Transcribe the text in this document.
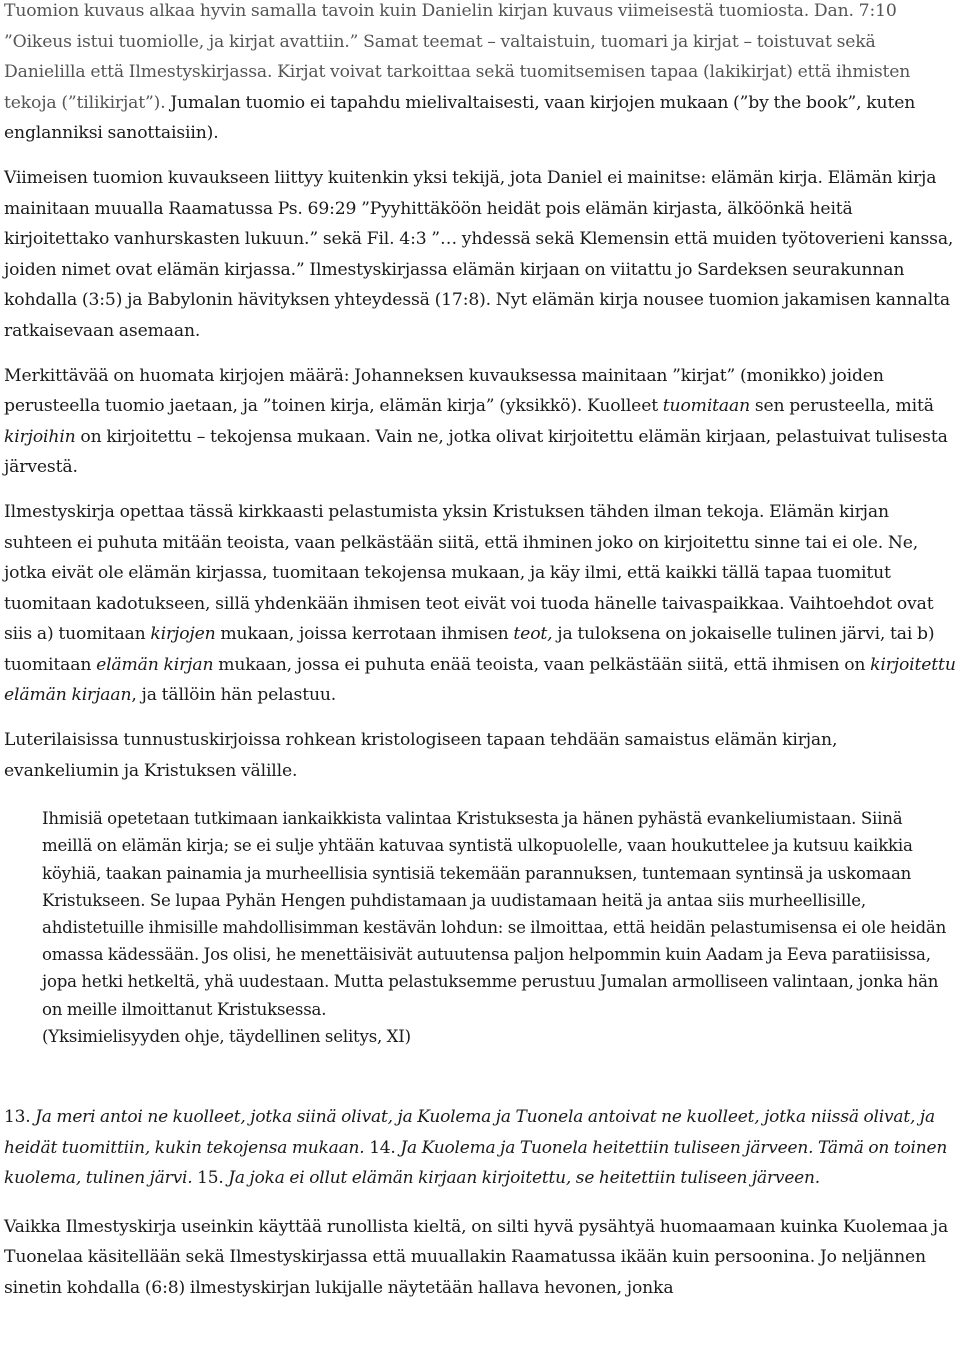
Tuomion kuvaus alkaa hyvin samalla tavoin kuin Danielin kirjan kuvaus viimeisestä tuomiosta. Dan. 7:10 ”Oikeus istui tuomiolle, ja kirjat avattiin.” Samat teemat – valtaistuin, tuomari ja kirjat – toistuvat sekä Danielilla että Ilmestyskirjassa. Kirjat voivat tarkoittaa sekä tuomitsemisen tapaa (lakikirjat) että ihmisten tekoja (”tilikirjat”). Jumalan tuomio ei tapahdu mielivaltaisesti, vaan kirjojen mukaan (”by the book”, kuten englanniksi sanottaisiin).

Viimeisen tuomion kuvaukseen liittyy kuitenkin yksi tekijä, jota Daniel ei mainitse: elämän kirja. Elämän kirja mainitaan muualla Raamatussa Ps. 69:29 ”Pyyhittäköön heidät pois elämän kirjasta, älköönkä heitä kirjoitettako vanhurskasten lukuun.” sekä Fil. 4:3 ”… yhdessä sekä Klemensin että muiden työtoverieni kanssa, joiden nimet ovat elämän kirjassa.” Ilmestyskirjassa elämän kirjaan on viitattu jo Sardeksen seurakunnan kohdalla (3:5) ja Babylonin hävityksen yhteydessä (17:8). Nyt elämän kirja nousee tuomion jakamisen kannalta ratkaisevaan asemaan.

Merkittävää on huomata kirjojen määrä: Johanneksen kuvauksessa mainitaan ”kirjat” (monikko) joiden perusteella tuomio jaetaan, ja ”toinen kirja, elämän kirja” (yksikkö). Kuolleet tuomitaan sen perusteella, mitä kirjoihin on kirjoitettu – tekojensa mukaan. Vain ne, jotka olivat kirjoitettu elämän kirjaan, pelastuivat tulisesta järvestä.

Ilmestyskirja opettaa tässä kirkkaasti pelastumista yksin Kristuksen tähden ilman tekoja. Elämän kirjan suhteen ei puhuta mitään teoista, vaan pelkästään siitä, että ihminen joko on kirjoitettu sinne tai ei ole. Ne, jotka eivät ole elämän kirjassa, tuomitaan tekojensa mukaan, ja käy ilmi, että kaikki tällä tapaa tuomitut tuomitaan kadotukseen, sillä yhdenkään ihmisen teot eivät voi tuoda hänelle taivaspaikkaa. Vaihtoehdot ovat siis a) tuomitaan kirjojen mukaan, joissa kerrotaan ihmisen teot, ja tuloksena on jokaiselle tulinen järvi, tai b) tuomitaan elämän kirjan mukaan, jossa ei puhuta enää teoista, vaan pelkästään siitä, että ihmisen on kirjoitettu elämän kirjaan, ja tällöin hän pelastuu.

Luterilaisissa tunnustuskirjoissa rohkean kristologiseen tapaan tehdään samaistus elämän kirjan, evankeliumin ja Kristuksen välille.

Ihmisiä opetetaan tutkimaan iankaikkista valintaa Kristuksesta ja hänen pyhästä evankeliumistaan. Siinä meillä on elämän kirja; se ei sulje yhtään katuvaa syntistä ulkopuolelle, vaan houkuttelee ja kutsuu kaikkia köyhiä, taakan painamia ja murheellisia syntisiä tekemään parannuksen, tuntemaan syntinsä ja uskomaan Kristukseen. Se lupaa Pyhän Hengen puhdistamaan ja uudistamaan heitä ja antaa siis murheellisille, ahdistetuille ihmisille mahdollisimman kestävän lohdun: se ilmoittaa, että heidän pelastumisensa ei ole heidän omassa kädessään. Jos olisi, he menettäisivät autuutensa paljon helpommin kuin Aadam ja Eeva paratiisissa, jopa hetki hetkeltä, yhä uudestaan. Mutta pelastuksemme perustuu Jumalan armolliseen valintaan, jonka hän on meille ilmoittanut Kristuksessa.
(Yksimielisyyden ohje, täydellinen selitys, XI)

13. Ja meri antoi ne kuolleet, jotka siinä olivat, ja Kuolema ja Tuonela antoivat ne kuolleet, jotka niissä olivat, ja heidät tuomittiin, kukin tekojensa mukaan. 14. Ja Kuolema ja Tuonela heitettiin tuliseen järveen. Tämä on toinen kuolema, tulinen järvi. 15. Ja joka ei ollut elämän kirjaan kirjoitettu, se heitettiin tuliseen järveen.

Vaikka Ilmestyskirja useinkin käyttää runollista kieltä, on silti hyvä pysähtyä huomaamaan kuinka Kuolemaa ja Tuonelaa käsitellään sekä Ilmestyskirjassa että muuallakin Raamatussa ikään kuin persoonina. Jo neljännen sinetin kohdalla (6:8) ilmestyskirjan lukijalle näytetään hallava hevonen, jonka
